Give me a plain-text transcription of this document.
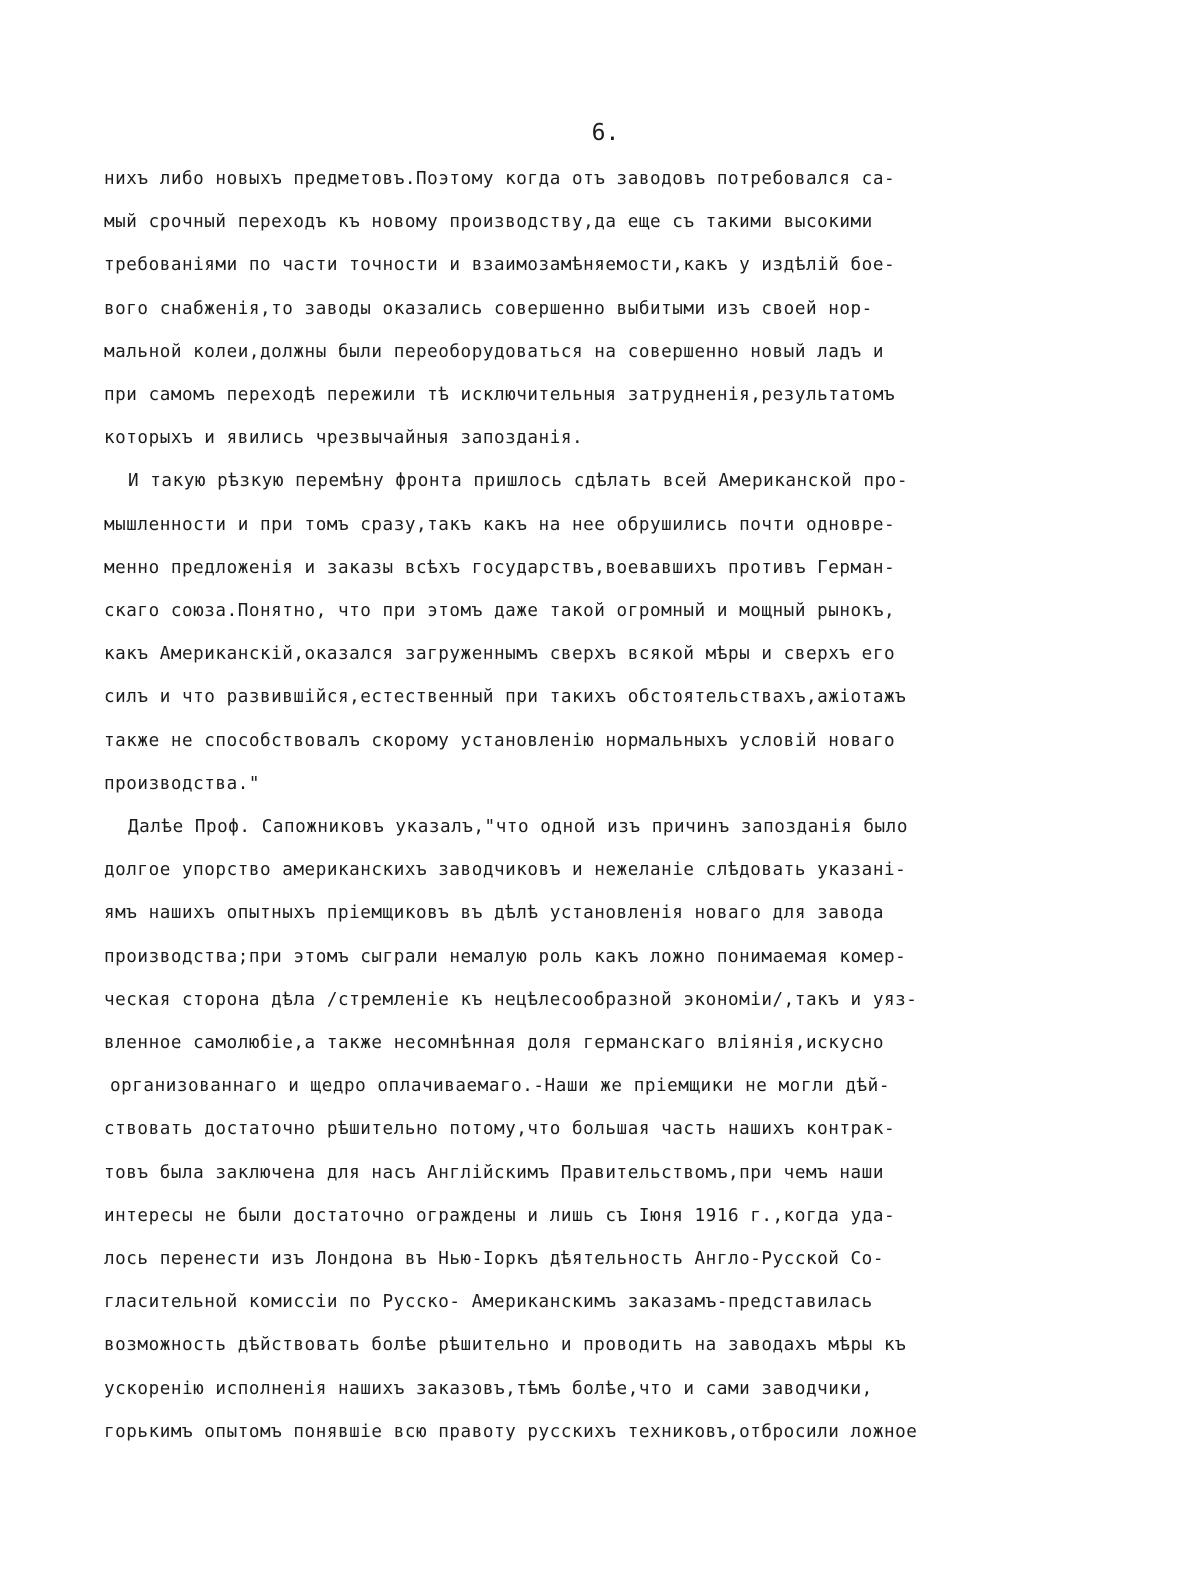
6.

нихъ либо новыхъ предметовъ.Поэтому когда отъ заводовъ потребовался са-
мый срочный переходъ къ новому производству,да еще съ такими высокими
требованiями по части точности и взаимозамѣняемости,какъ у издѣлiй бое-
вого снабженiя,то заводы оказались совершенно выбитыми изъ своей нор-
мальной колеи,должны были переоборудоваться на совершенно новый ладъ и
при самомъ переходѣ пережили тѣ исключительныя затрудненiя,результатомъ
которыхъ и явились чрезвычайныя запозданiя.

И такую рѣзкую перемѣну фронта пришлось сдѣлать всей Американской про-
мышленности и при томъ сразу,такъ какъ на нее обрушились почти одновре-
менно предложенiя и заказы всѣхъ государствъ,воевавшихъ противъ Герман-
скаго союза.Понятно, что при этомъ даже такой огромный и мощный рынокъ,
какъ Американскiй,оказался загруженнымъ сверхъ всякой мѣры и сверхъ его
силъ и что развившiйся,естественный при такихъ обстоятельствахъ,ажiотажъ
также не способствовалъ скорому установленiю нормальныхъ условiй новаго
производства."

Далѣе Проф. Сапожниковъ указалъ,"что одной изъ причинъ запозданiя было
долгое упорство американскихъ заводчиковъ и нежеланiе слѣдовать указанi-
ямъ нашихъ опытныхъ прiемщиковъ въ дѣлѣ установленiя новаго для завода
производства;при этомъ сыграли немалую роль какъ ложно понимаемая комер-
ческая сторона дѣла /стремленiе къ нецѣлесообразной экономiи/,такъ и уяз-
вленное самолюбiе,а также несомнѣнная доля германскаго влiянiя,искусно
организованнаго и щедро оплачиваемаго.-Наши же прiемщики не могли дѣй-
ствовать достаточно рѣшительно потому,что большая часть нашихъ контрак-
товъ была заключена для насъ Англiйскимъ Правительствомъ,при чемъ наши
интересы не были достаточно ограждены и лишь съ Iюня 1916 г.,когда уда-
лось перенести изъ Лондона въ Нью-Iоркъ дѣятельность Англо-Русской Со-
гласительной комиссiи по Русско- Американскимъ заказамъ-представилась
возможность дѣйствовать болѣе рѣшительно и проводить на заводахъ мѣры къ
ускоренiю исполненiя нашихъ заказовъ,тѣмъ болѣе,что и сами заводчики,
горькимъ опытомъ понявшiе всю правоту русскихъ техниковъ,отбросили ложное
